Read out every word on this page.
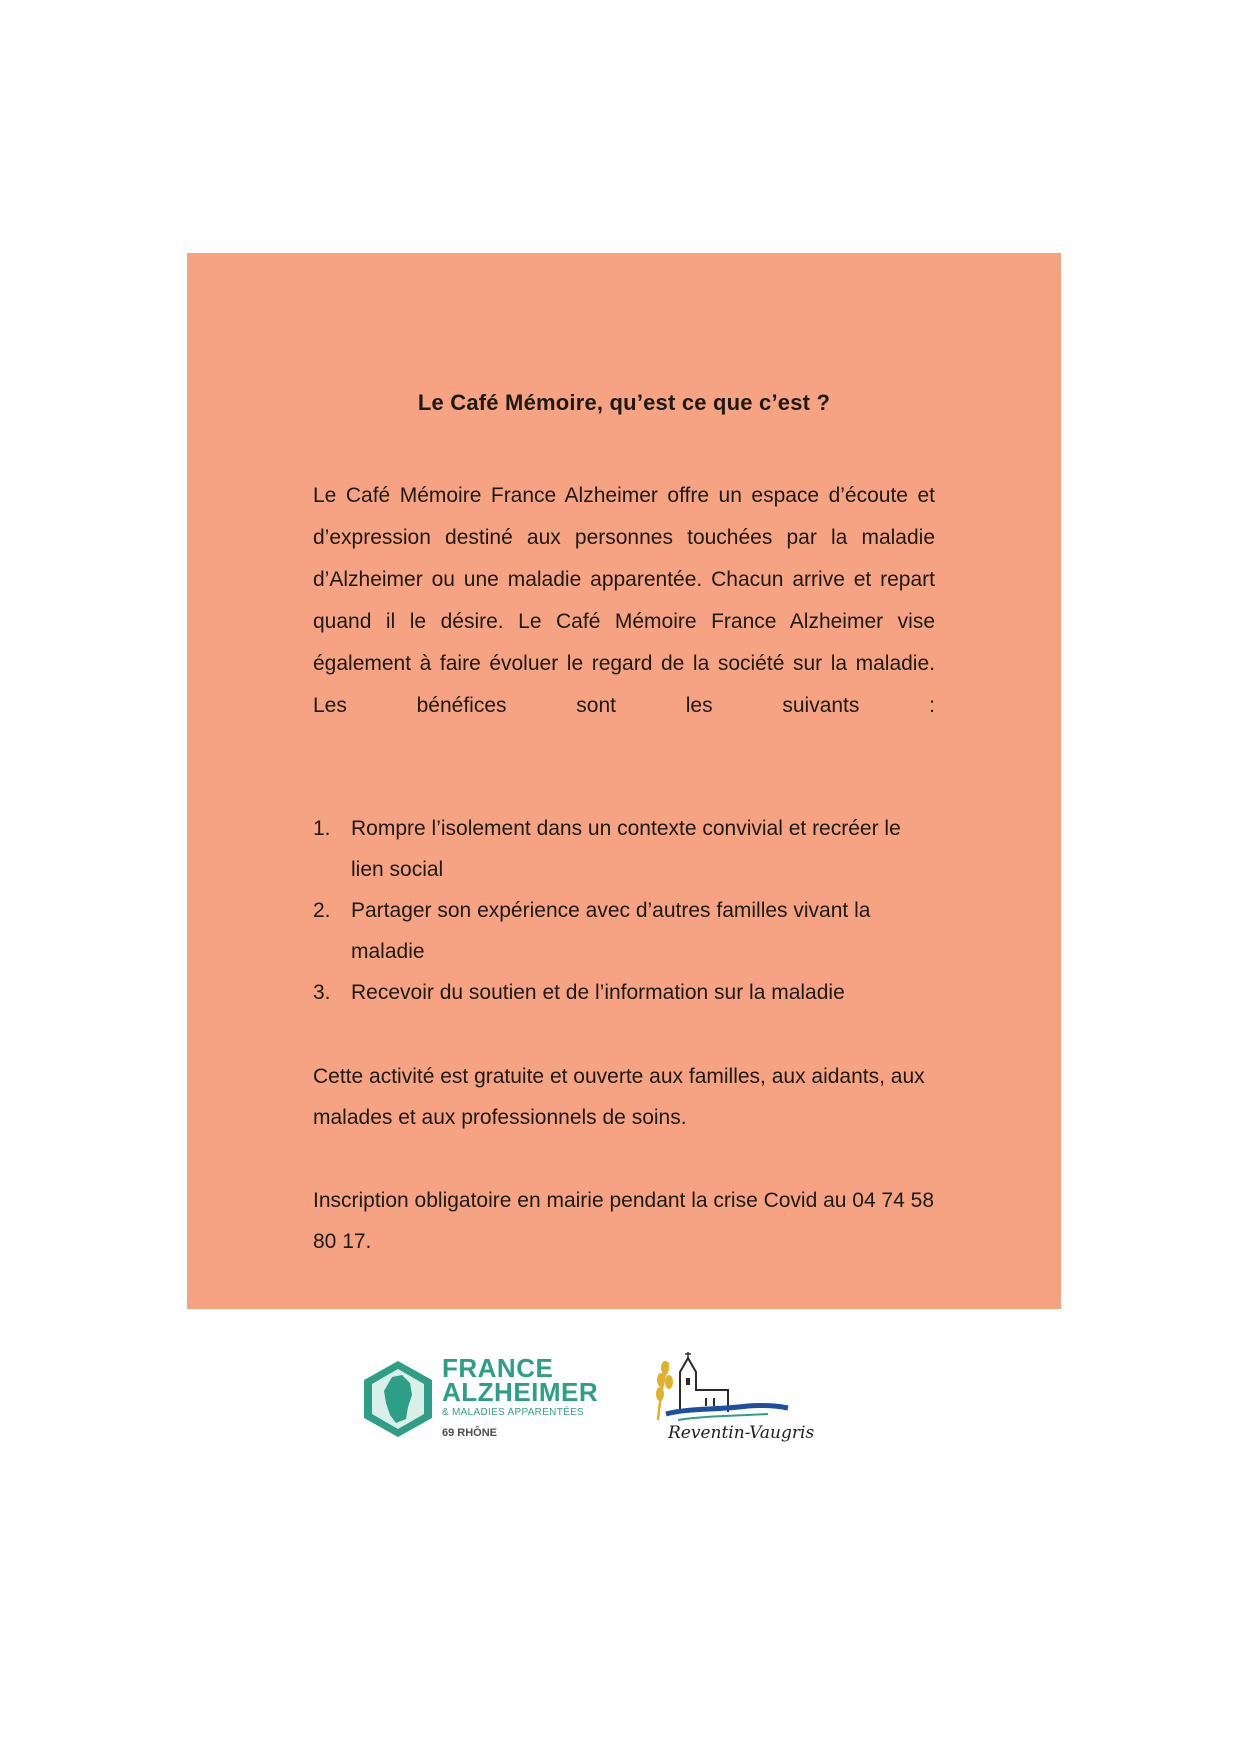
Le Café Mémoire, qu’est ce que c’est ?

Le Café Mémoire France Alzheimer offre un espace d’écoute et d’expression destiné aux personnes touchées par la maladie d’Alzheimer ou une maladie apparentée. Chacun arrive et repart quand il le désire. Le Café Mémoire France Alzheimer vise également à faire évoluer le regard de la société sur la maladie. Les bénéfices sont les suivants :

1. Rompre l’isolement dans un contexte convivial et recréer le lien social
2. Partager son expérience avec d’autres familles vivant la maladie
3. Recevoir du soutien et de l’information sur la maladie

Cette activité est gratuite et ouverte aux familles, aux aidants, aux malades et aux professionnels de soins.

Inscription obligatoire en mairie pendant la crise Covid au 04 74 58 80 17.

FRANCE
ALZHEIMER
& MALADIES APPARENTÉES
69 RHÔNE	Reventin-Vaugris
